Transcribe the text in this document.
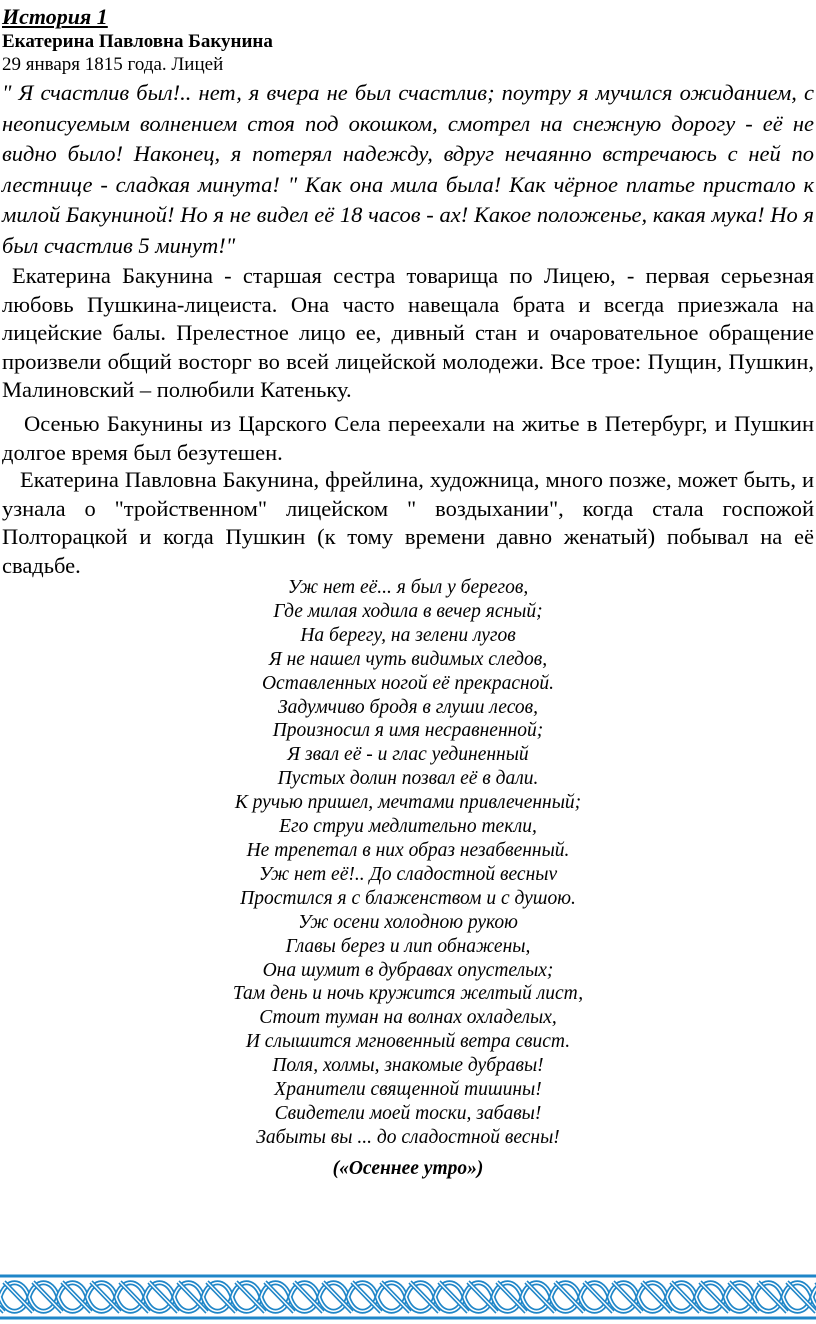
История 1
Екатерина Павловна Бакунина
29 января 1815 года. Лицей

" Я счастлив был!.. нет, я вчера не был счастлив; поутру я мучился ожиданием, с неописуемым волнением стоя под окошком, смотрел на снежную дорогу - её не видно было! Наконец, я потерял надежду, вдруг нечаянно встречаюсь с ней по лестнице - сладкая минута! " Как она мила была! Как чёрное платье пристало к милой Бакуниной! Но я не видел её 18 часов - ах! Какое положенье, какая мука! Но я был счастлив 5 минут!"

Екатерина Бакунина - старшая сестра товарища по Лицею, - первая серьезная любовь Пушкина-лицеиста. Она часто навещала брата и всегда приезжала на лицейские балы. Прелестное лицо ее, дивный стан и очаровательное обращение произвели общий восторг во всей лицейской молодежи. Все трое: Пущин, Пушкин, Малиновский – полюбили Катеньку.

Осенью Бакунины из Царского Села переехали на житье в Петербург, и Пушкин долгое время был безутешен.

Екатерина Павловна Бакунина, фрейлина, художница, много позже, может быть, и узнала о "тройственном" лицейском " воздыхании", когда стала госпожой Полторацкой и когда Пушкин (к тому времени давно женатый) побывал на её свадьбе.

Уж нет её... я был у берегов,
Где милая ходила в вечер ясный;
На берегу, на зелени лугов
Я не нашел чуть видимых следов,
Оставленных ногой её прекрасной.
Задумчиво бродя в глуши лесов,
Произносил я имя несравненной;
Я звал её - и глас уединенный
Пустых долин позвал её в дали.
К ручью пришел, мечтами привлеченный;
Его струи медлительно текли,
Не трепетал в них образ незабвенный.
Уж нет её!.. До сладостной весныv
Простился я с блаженством и с душою.
Уж осени холодною рукою
Главы берез и лип обнажены,
Она шумит в дубравах опустелых;
Там день и ночь кружится желтый лист,
Стоит туман на волнах охладелых,
И слышится мгновенный ветра свист.
Поля, холмы, знакомые дубравы!
Хранители священной тишины!
Свидетели моей тоски, забавы!
Забыты вы ... до сладостной весны!
(«Осеннее утро»)
